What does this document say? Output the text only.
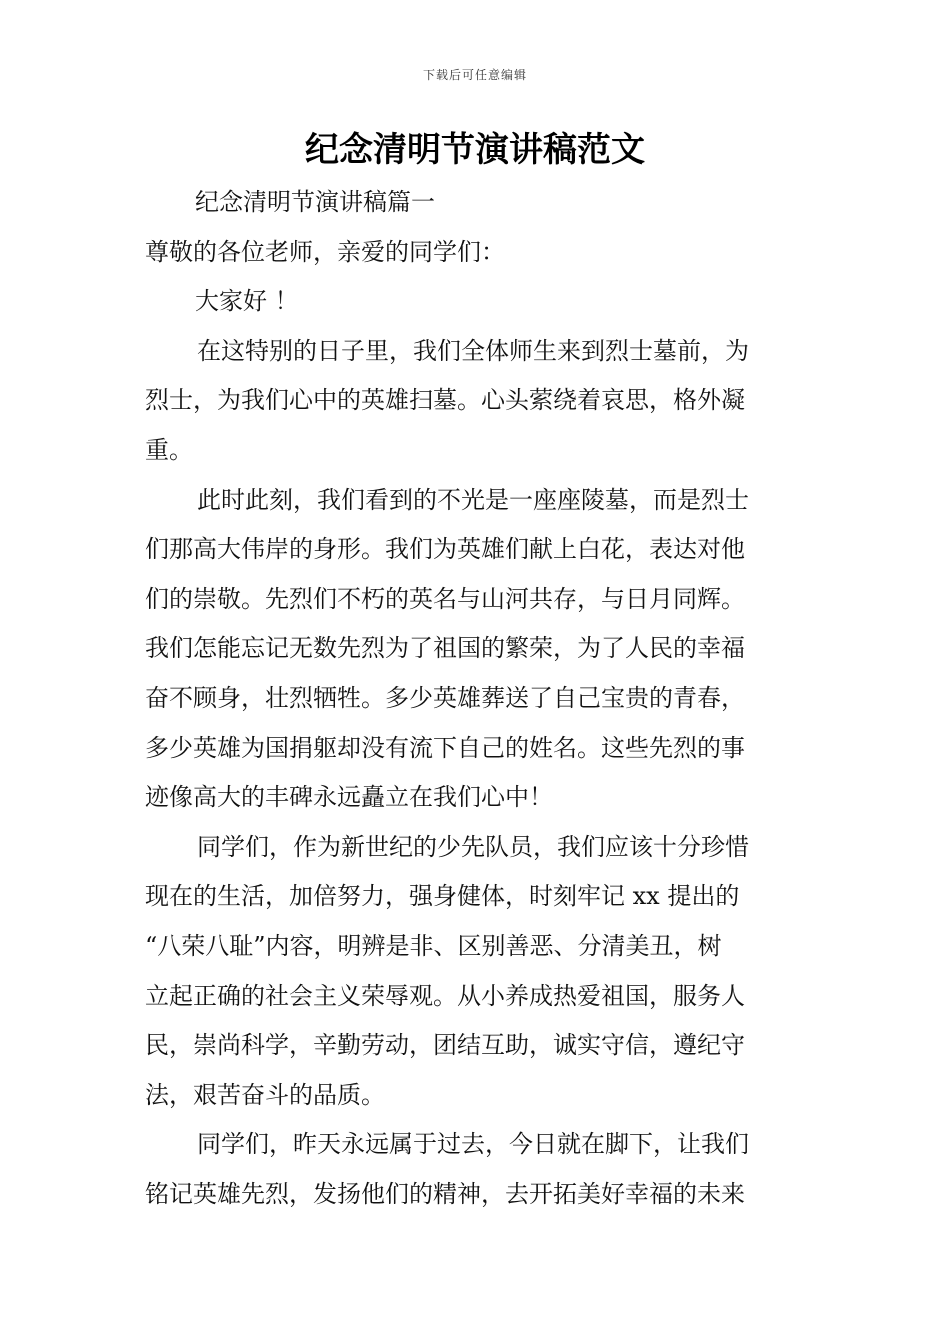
下载后可任意编辑
纪念清明节演讲稿范文
纪念清明节演讲稿篇一
尊敬的各位老师，亲爱的同学们：
大家好 ！
在这特别的日子里，我们全体师生来到烈士墓前，为
烈士，为我们心中的英雄扫墓。心头萦绕着哀思，格外凝
重。
此时此刻，我们看到的不光是一座座陵墓，而是烈士
们那高大伟岸的身形。我们为英雄们献上白花，表达对他
们的崇敬。先烈们不朽的英名与山河共存，与日月同辉。
我们怎能忘记无数先烈为了祖国的繁荣，为了人民的幸福
奋不顾身，壮烈牺牲。多少英雄葬送了自己宝贵的青春，
多少英雄为国捐躯却没有流下自己的姓名。这些先烈的事
迹像高大的丰碑永远矗立在我们心中！
同学们，作为新世纪的少先队员，我们应该十分珍惜
现在的生活，加倍努力，强身健体，时刻牢记 xx 提出的
“八荣八耻”内容，明辨是非、区别善恶、分清美丑，树
立起正确的社会主义荣辱观。从小养成热爱祖国，服务人
民，崇尚科学，辛勤劳动，团结互助，诚实守信，遵纪守
法，艰苦奋斗的品质。
同学们，昨天永远属于过去，今日就在脚下，让我们
铭记英雄先烈，发扬他们的精神，去开拓美好幸福的未来
